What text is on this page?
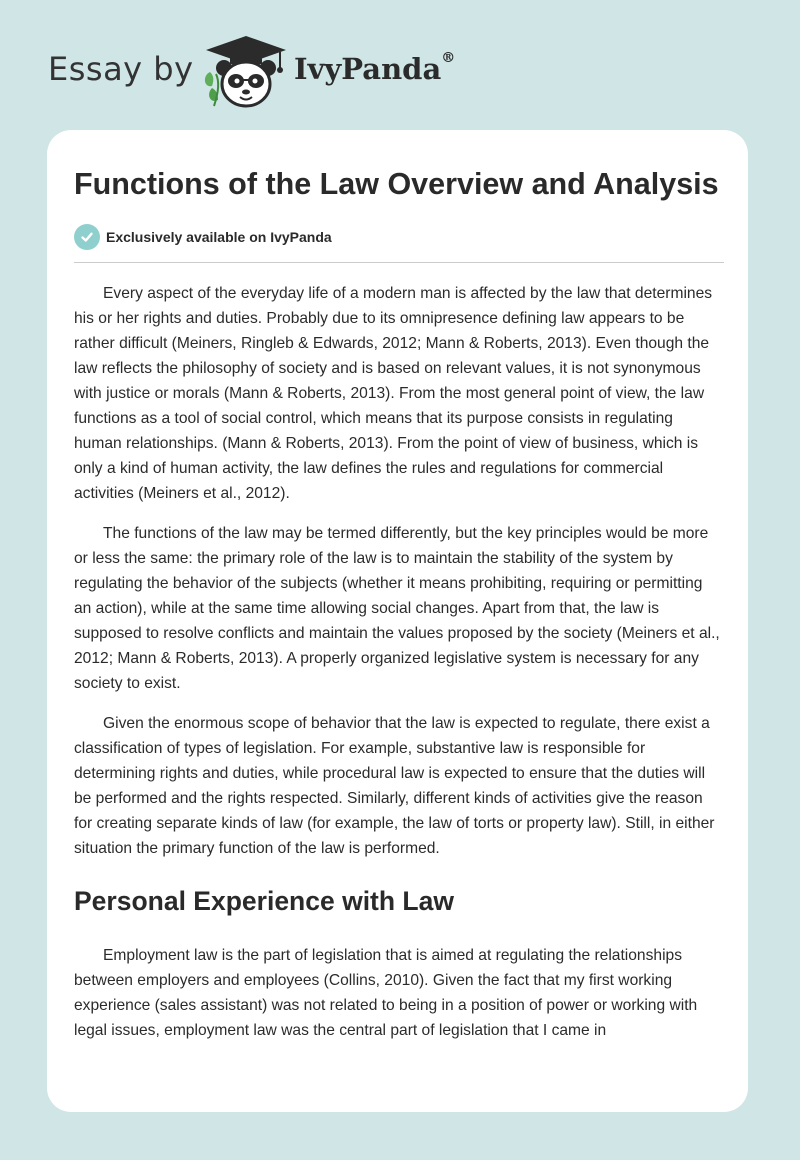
Essay by	IvyPanda®
Functions of the Law Overview and Analysis
Exclusively available on IvyPanda

Every aspect of the everyday life of a modern man is affected by the law that determines his or her rights and duties. Probably due to its omnipresence defining law appears to be rather difficult (Meiners, Ringleb & Edwards, 2012; Mann & Roberts, 2013). Even though the law reflects the philosophy of society and is based on relevant values, it is not synonymous with justice or morals (Mann & Roberts, 2013). From the most general point of view, the law functions as a tool of social control, which means that its purpose consists in regulating human relationships. (Mann & Roberts, 2013). From the point of view of business, which is only a kind of human activity, the law defines the rules and regulations for commercial activities (Meiners et al., 2012).

The functions of the law may be termed differently, but the key principles would be more or less the same: the primary role of the law is to maintain the stability of the system by regulating the behavior of the subjects (whether it means prohibiting, requiring or permitting an action), while at the same time allowing social changes. Apart from that, the law is supposed to resolve conflicts and maintain the values proposed by the society (Meiners et al., 2012; Mann & Roberts, 2013). A properly organized legislative system is necessary for any society to exist.

Given the enormous scope of behavior that the law is expected to regulate, there exist a classification of types of legislation. For example, substantive law is responsible for determining rights and duties, while procedural law is expected to ensure that the duties will be performed and the rights respected. Similarly, different kinds of activities give the reason for creating separate kinds of law (for example, the law of torts or property law). Still, in either situation the primary function of the law is performed.

Personal Experience with Law

Employment law is the part of legislation that is aimed at regulating the relationships between employers and employees (Collins, 2010). Given the fact that my first working experience (sales assistant) was not related to being in a position of power or working with legal issues, employment law was the central part of legislation that I came in
